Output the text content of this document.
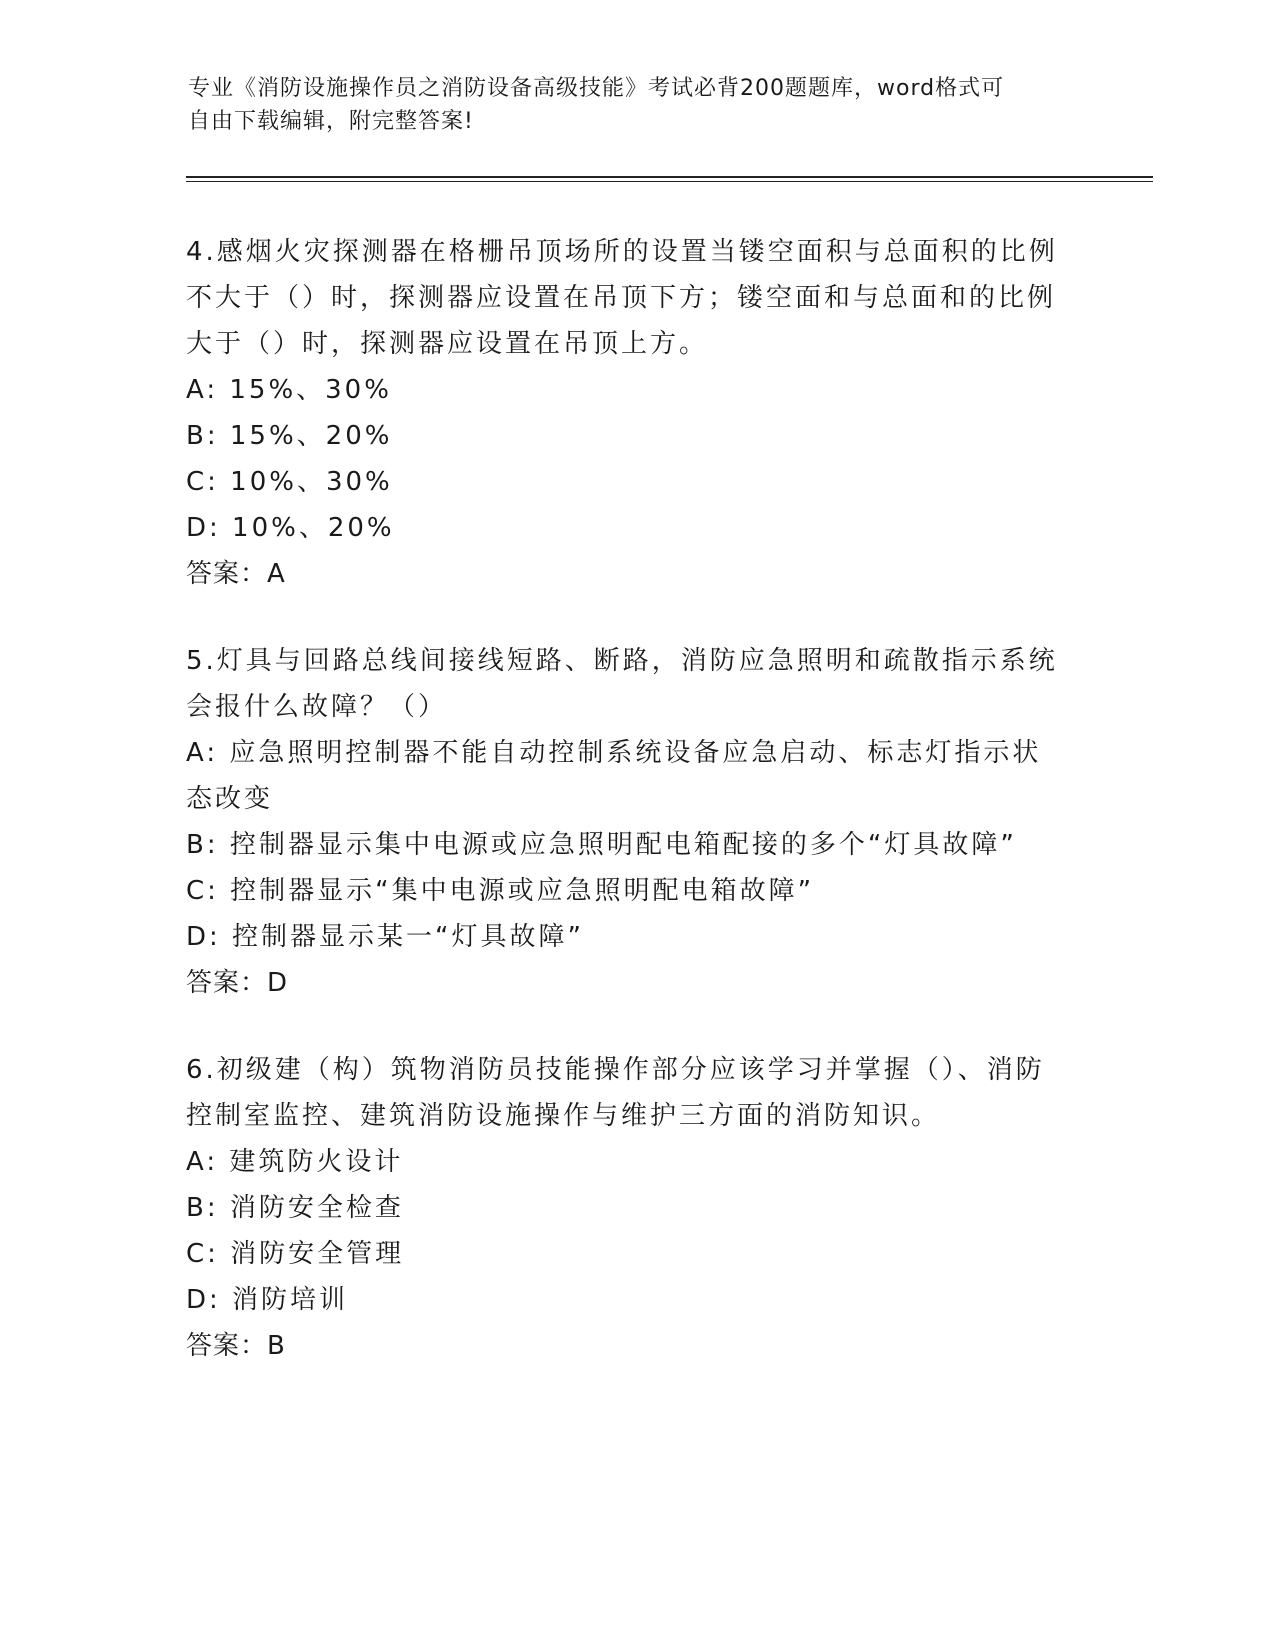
专业《消防设施操作员之消防设备高级技能》考试必背200题题库，word格式可
自由下载编辑，附完整答案!

4.感烟火灾探测器在格栅吊顶场所的设置当镂空面积与总面积的比例不大于（）时，探测器应设置在吊顶下方；镂空面和与总面和的比例大于（）时，探测器应设置在吊顶上方。

A: 15%、30%

B: 15%、20%

C: 10%、30%

D: 10%、20%

答案：A

5.灯具与回路总线间接线短路、断路，消防应急照明和疏散指示系统会报什么故障？（）

A: 应急照明控制器不能自动控制系统设备应急启动、标志灯指示状态改变

B: 控制器显示集中电源或应急照明配电箱配接的多个“灯具故障”

C: 控制器显示“集中电源或应急照明配电箱故障”

D: 控制器显示某一“灯具故障”

答案：D

6.初级建（构）筑物消防员技能操作部分应该学习并掌握（）、消防控制室监控、建筑消防设施操作与维护三方面的消防知识。

A: 建筑防火设计

B: 消防安全检查

C: 消防安全管理

D: 消防培训

答案：B
